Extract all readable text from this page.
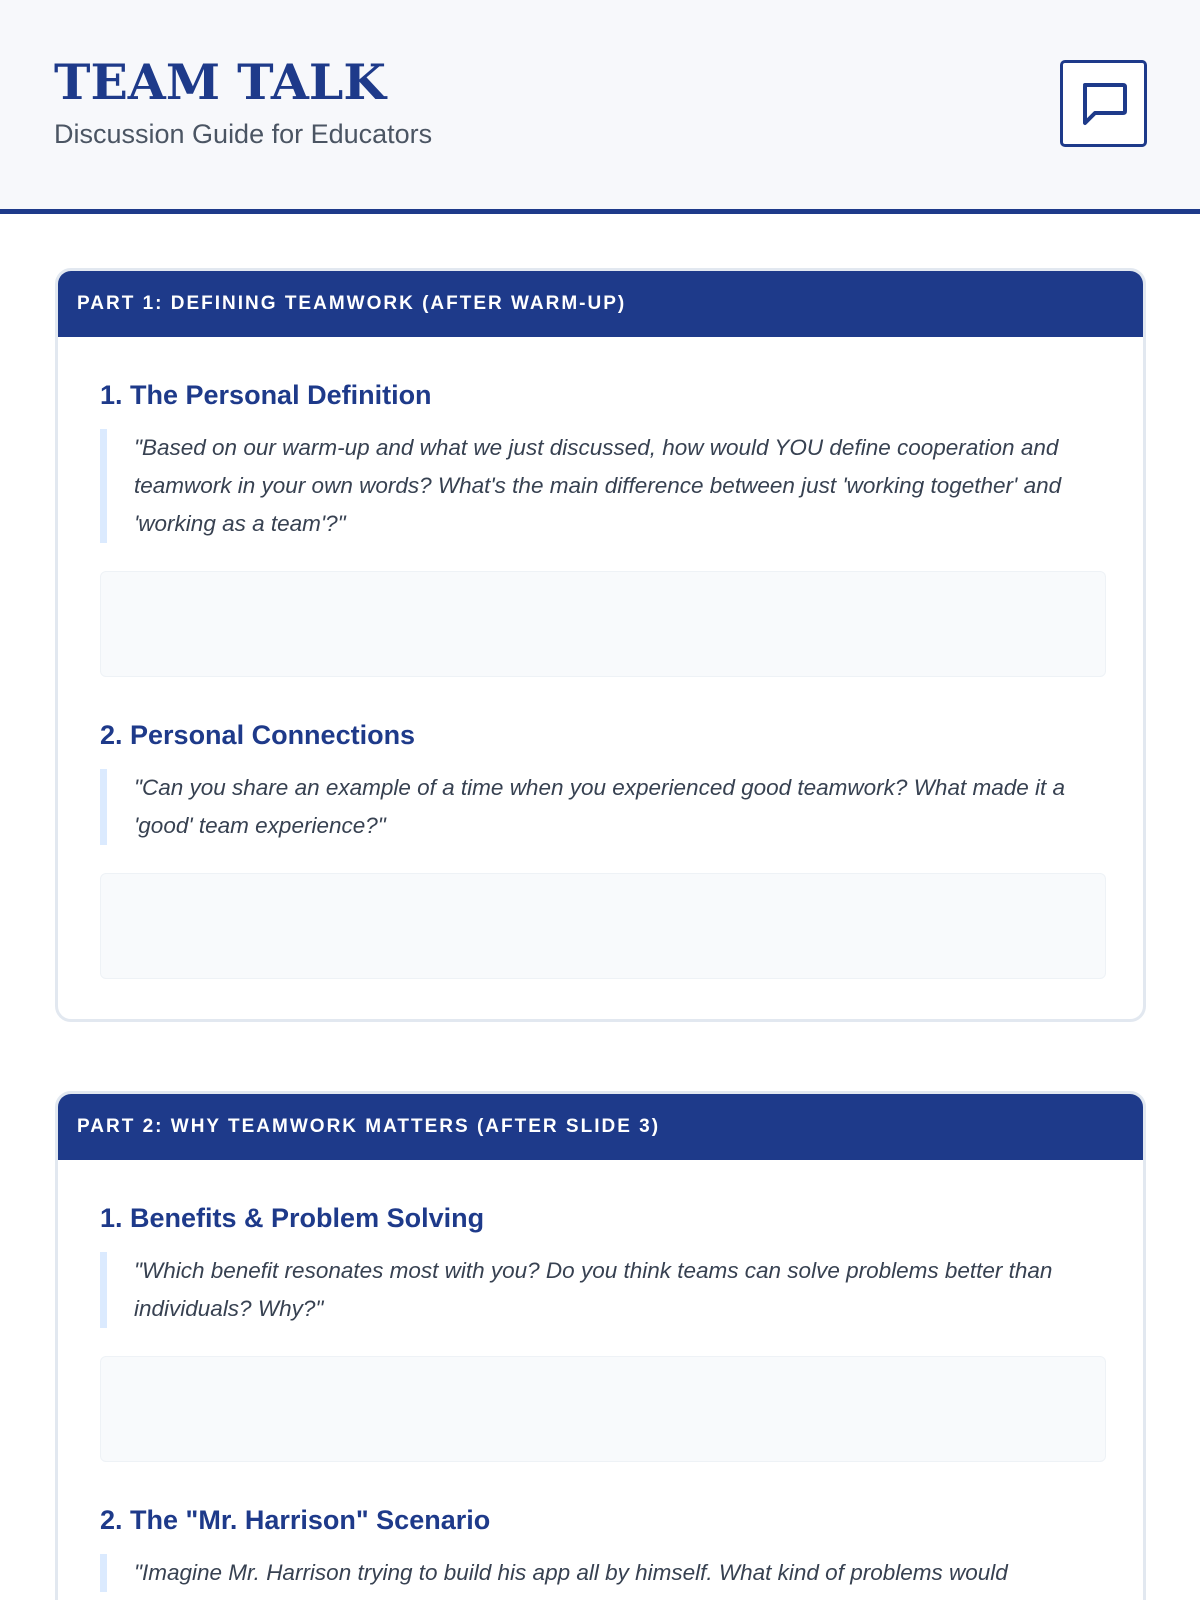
TEAM TALK
Discussion Guide for Educators
PART 1: DEFINING TEAMWORK (AFTER WARM-UP)
1. The Personal Definition

"Based on our warm-up and what we just discussed, how would YOU define cooperation and teamwork in your own words? What's the main difference between just 'working together' and 'working as a team'?"

2. Personal Connections

"Can you share an example of a time when you experienced good teamwork? What made it a 'good' team experience?"

PART 2: WHY TEAMWORK MATTERS (AFTER SLIDE 3)
1. Benefits & Problem Solving

"Which benefit resonates most with you? Do you think teams can solve problems better than individuals? Why?"

2. The "Mr. Harrison" Scenario

"Imagine Mr. Harrison trying to build his app all by himself. What kind of problems would
